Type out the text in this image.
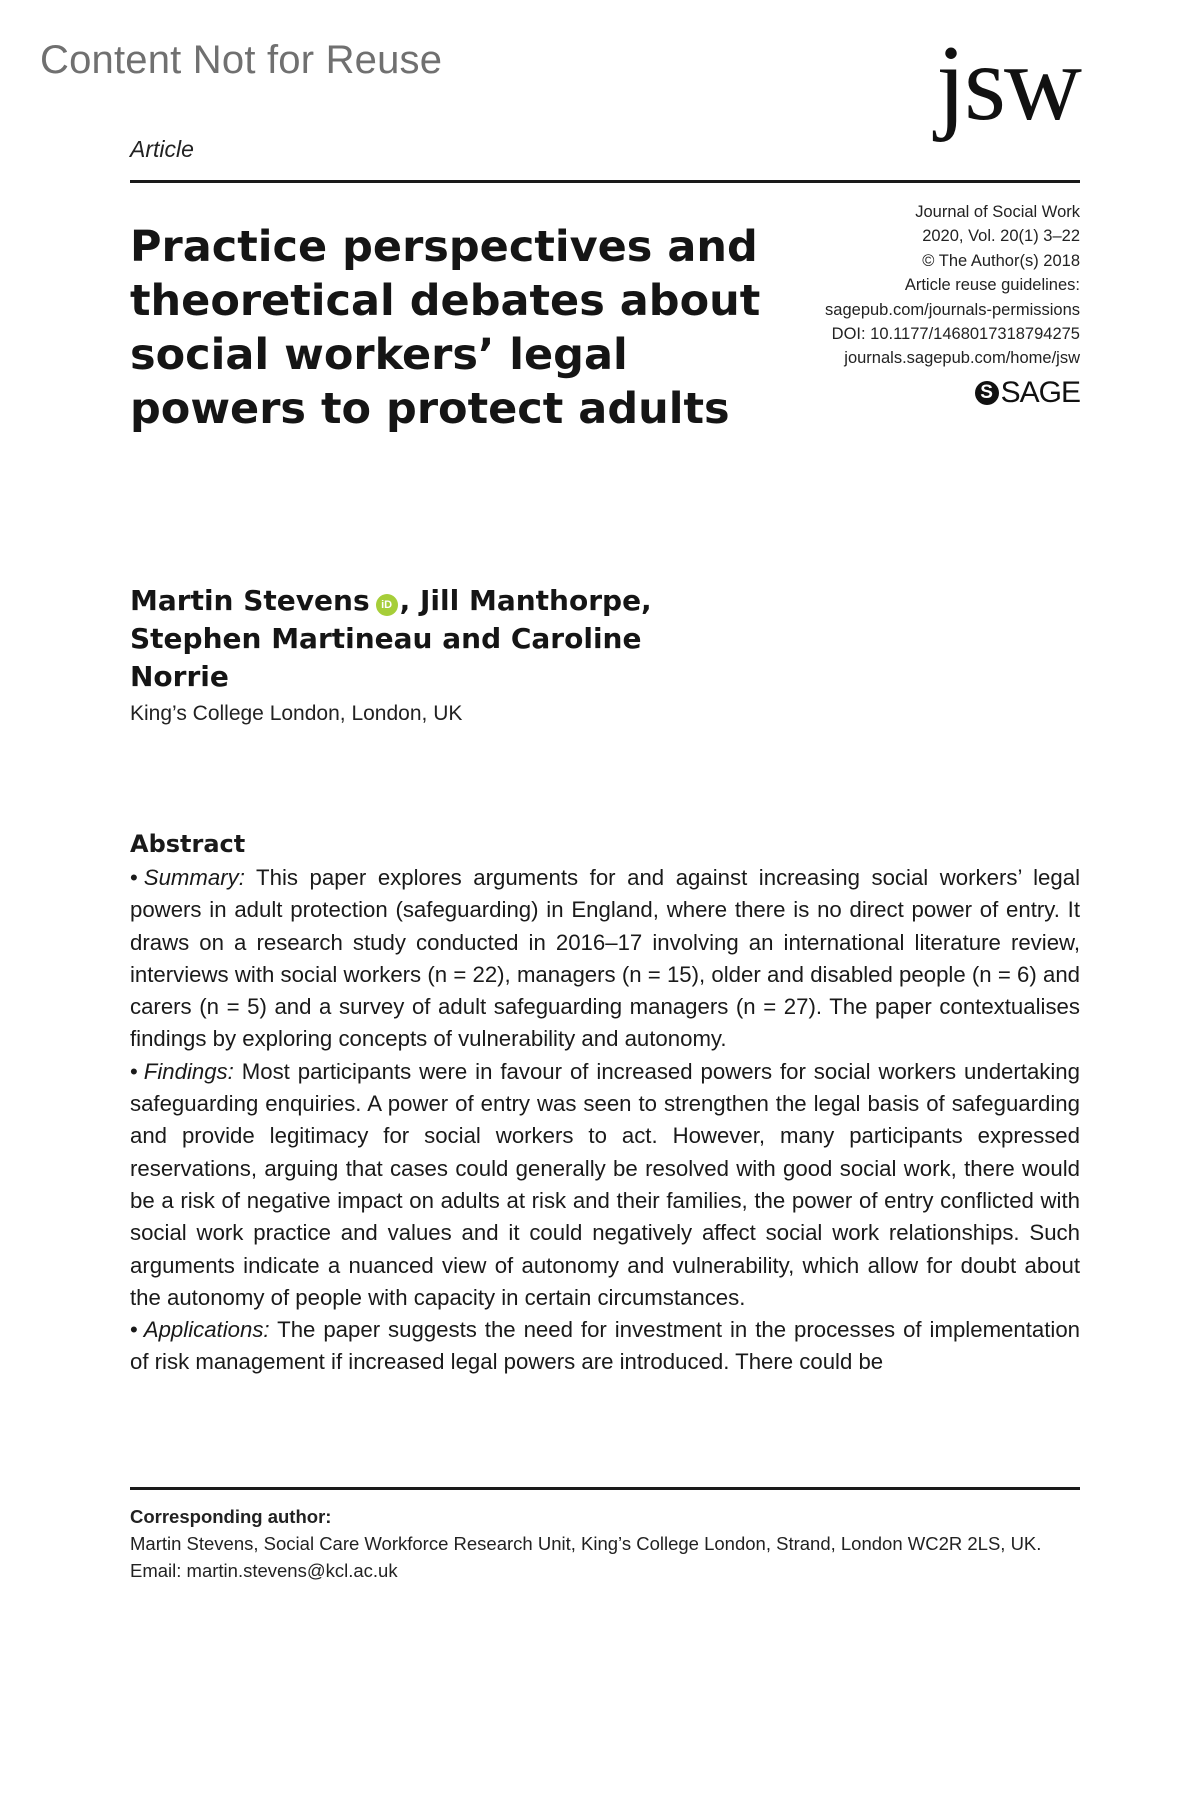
Content Not for Reuse	jsw
Article
Practice perspectives and theoretical debates about social workers’ legal powers to protect adults
Journal of Social Work
2020, Vol. 20(1) 3–22
© The Author(s) 2018
Article reuse guidelines:
sagepub.com/journals-permissions
DOI: 10.1177/1468017318794275
journals.sagepub.com/home/jsw
S SAGE

Martin Stevens iD , Jill Manthorpe, Stephen Martineau and Caroline Norrie

King’s College London, London, UK
Abstract

• Summary: This paper explores arguments for and against increasing social workers’ legal powers in adult protection (safeguarding) in England, where there is no direct power of entry. It draws on a research study conducted in 2016–17 involving an international literature review, interviews with social workers (n = 22), managers (n = 15), older and disabled people (n = 6) and carers (n = 5) and a survey of adult safeguarding managers (n = 27). The paper contextualises findings by exploring concepts of vulnerability and autonomy.

• Findings: Most participants were in favour of increased powers for social workers undertaking safeguarding enquiries. A power of entry was seen to strengthen the legal basis of safeguarding and provide legitimacy for social workers to act. However, many participants expressed reservations, arguing that cases could generally be resolved with good social work, there would be a risk of negative impact on adults at risk and their families, the power of entry conflicted with social work practice and values and it could negatively affect social work relationships. Such arguments indicate a nuanced view of autonomy and vulnerability, which allow for doubt about the autonomy of people with capacity in certain circumstances.

• Applications: The paper suggests the need for investment in the processes of implementation of risk management if increased legal powers are introduced. There could be

Corresponding author:

Martin Stevens, Social Care Workforce Research Unit, King’s College London, Strand, London WC2R 2LS, UK.

Email: martin.stevens@kcl.ac.uk
